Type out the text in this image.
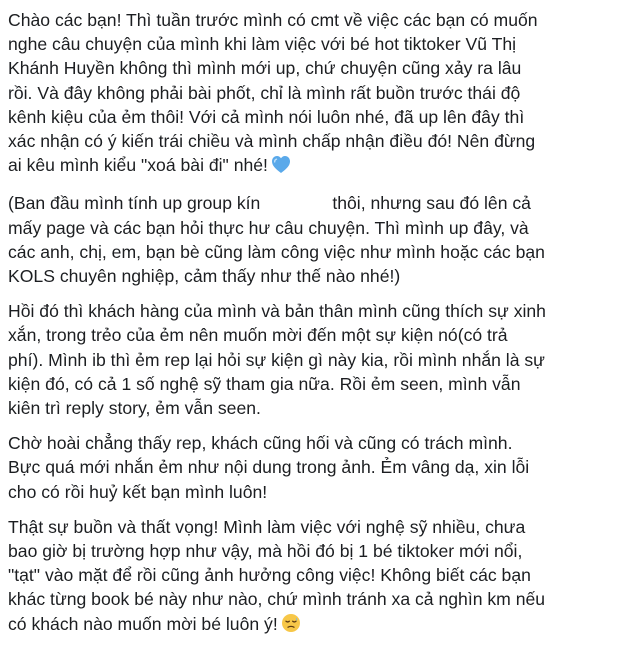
Chào các bạn! Thì tuần trước mình có cmt về việc các bạn có muốn
nghe câu chuyện của mình khi làm việc với bé hot tiktoker Vũ Thị
Khánh Huyền không thì mình mới up, chứ chuyện cũng xảy ra lâu
rồi. Và đây không phải bài phốt, chỉ là mình rất buồn trước thái độ
kênh kiệu của ẻm thôi! Với cả mình nói luôn nhé, đã up lên đây thì
xác nhận có ý kiến trái chiều và mình chấp nhận điều đó! Nên đừng
ai kêu mình kiểu "xoá bài đi" nhé!

(Ban đầu mình tính up group kín	thôi, nhưng sau đó lên cả
mấy page và các bạn hỏi thực hư câu chuyện. Thì mình up đây, và
các anh, chị, em, bạn bè cũng làm công việc như mình hoặc các bạn
KOLS chuyên nghiệp, cảm thấy như thế nào nhé!)

Hồi đó thì khách hàng của mình và bản thân mình cũng thích sự xinh
xắn, trong trẻo của ẻm nên muốn mời đến một sự kiện nó(có trả
phí). Mình ib thì ẻm rep lại hỏi sự kiện gì này kia, rồi mình nhắn là sự
kiện đó, có cả 1 số nghệ sỹ tham gia nữa. Rồi ẻm seen, mình vẫn
kiên trì reply story, ẻm vẫn seen.

Chờ hoài chẳng thấy rep, khách cũng hối và cũng có trách mình.
Bực quá mới nhắn ẻm như nội dung trong ảnh. Ẻm vâng dạ, xin lỗi
cho có rồi huỷ kết bạn mình luôn!

Thật sự buồn và thất vọng! Mình làm việc với nghệ sỹ nhiều, chưa
bao giờ bị trường hợp như vậy, mà hồi đó bị 1 bé tiktoker mới nổi,
"tạt" vào mặt để rồi cũng ảnh hưởng công việc! Không biết các bạn
khác từng book bé này như nào, chứ mình tránh xa cả nghìn km nếu
có khách nào muốn mời bé luôn ý!
